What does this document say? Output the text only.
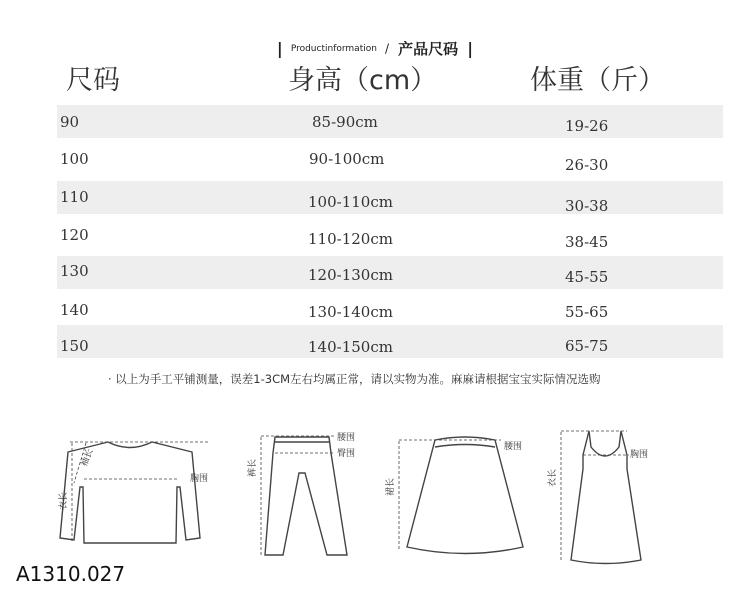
| Productinformation / 产品尺码 |
尺码	身高（cm）	体重（斤）
90	85-90cm	19-26
100	90-100cm	26-30
110	100-110cm	30-38
120	110-120cm	38-45
130	120-130cm	45-55
140	130-140cm	55-65
150	140-150cm	65-75
· 以上为手工平铺测量，误差1-3CM左右均属正常，请以实物为准。麻麻请根据宝宝实际情况选购
衣长
袖长
胸围
裤长
腰围
臀围
裙长
腰围
衣长
胸围
A1310.027
